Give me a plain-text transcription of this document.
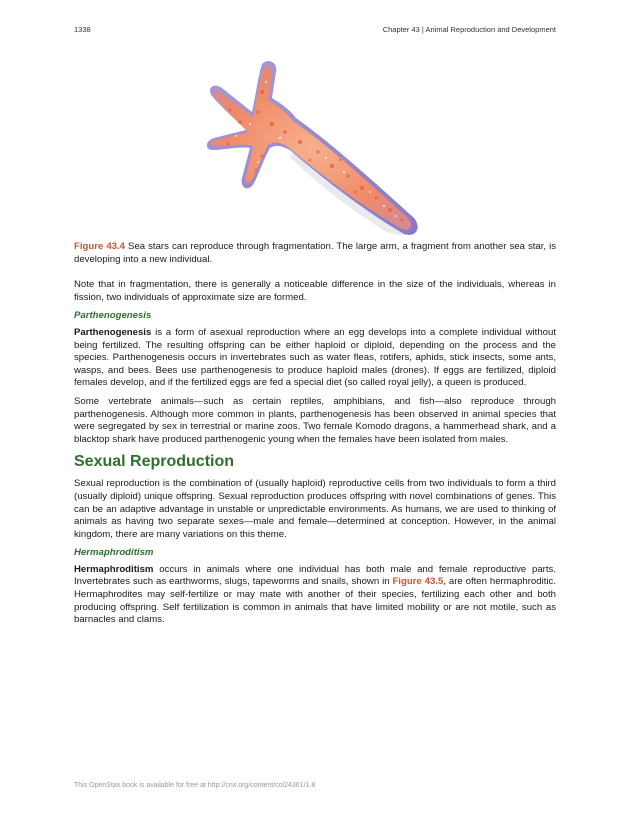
1338	Chapter 43 | Animal Reproduction and Development

Figure 43.4 Sea stars can reproduce through fragmentation. The large arm, a fragment from another sea star, is developing into a new individual.

Note that in fragmentation, there is generally a noticeable difference in the size of the individuals, whereas in fission, two individuals of approximate size are formed.

Parthenogenesis

Parthenogenesis is a form of asexual reproduction where an egg develops into a complete individual without being fertilized. The resulting offspring can be either haploid or diploid, depending on the process and the species. Parthenogenesis occurs in invertebrates such as water fleas, rotifers, aphids, stick insects, some ants, wasps, and bees. Bees use parthenogenesis to produce haploid males (drones). If eggs are fertilized, diploid females develop, and if the fertilized eggs are fed a special diet (so called royal jelly), a queen is produced.

Some vertebrate animals—such as certain reptiles, amphibians, and fish—also reproduce through parthenogenesis. Although more common in plants, parthenogenesis has been observed in animal species that were segregated by sex in terrestrial or marine zoos. Two female Komodo dragons, a hammerhead shark, and a blacktop shark have produced parthenogenic young when the females have been isolated from males.

Sexual Reproduction

Sexual reproduction is the combination of (usually haploid) reproductive cells from two individuals to form a third (usually diploid) unique offspring. Sexual reproduction produces offspring with novel combinations of genes. This can be an adaptive advantage in unstable or unpredictable environments. As humans, we are used to thinking of animals as having two separate sexes—male and female—determined at conception. However, in the animal kingdom, there are many variations on this theme.

Hermaphroditism

Hermaphroditism occurs in animals where one individual has both male and female reproductive parts. Invertebrates such as earthworms, slugs, tapeworms and snails, shown in Figure 43.5, are often hermaphroditic. Hermaphrodites may self-fertilize or may mate with another of their species, fertilizing each other and both producing offspring. Self fertilization is common in animals that have limited mobility or are not motile, such as barnacles and clams.

This OpenStax book is available for free at http://cnx.org/content/col24361/1.8
